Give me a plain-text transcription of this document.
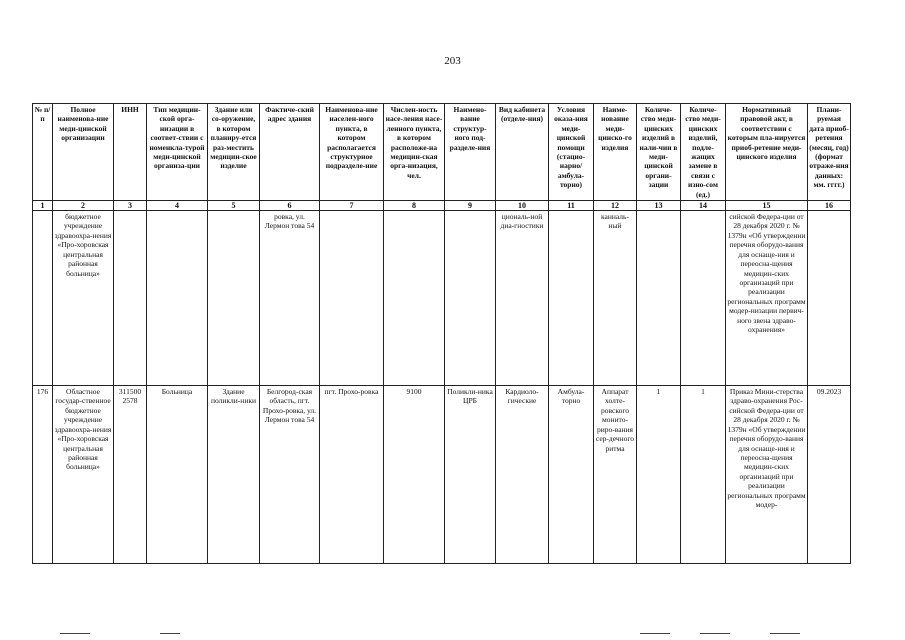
203
№ п/п	Полное наименова-ние меди-цинской организации	ИНН	Тип медицин-ской орга-низации в соответ-ствии с номенкла-турой меди-цинской организа-ции	Здание или со-оружение, в котором планиру-ется раз-местить медицин-ское изделие	Фактиче-ский адрес здания	Наименова-ние населен-ного пункта, в котором располагается структурное подразделе-ние	Числен-ность насе-ления насе-ленного пункта, в котором расположе-на медицин-ская орга-низация, чел.	Наимено-вание структур-ного под-разделе-ния	Вид кабинета (отделе-ния)	Условия оказа-ния меди-цинской помощи (стацио-нарно/ амбула-торно)	Наиме-нование меди-цинско-го изделия	Количе-ство меди-цинских изделий в нали-чии в меди-цинской органи-зации	Количе-ство меди-цинских изделий, подле-жащих замене в связи с изно-сом (ед.)	Нормативный правовой акт, в соответствии с которым пла-нируется приоб-ретение меди-цинского изделия	Плани-руемая дата приоб-ретения (месяц, год) (формат отраже-ния данных: мм. гггг.)
1	2	3	4	5	6	7	8	9	10	11	12	13	14	15	16
	бюджетное учреждение здравоохра-нения «Про-хоровская центральная районная больница»				ровка, ул. Лермон това 54				циональ-ной диа-гностики		канналь-ный			сийской Федера-ции от 28 декабря 2020 г. № 1379н «Об утверждении перечня оборудо-вания для оснаще-ния и переосна-щения медицин-ских организаций при реализации региональных программ модер-низации первич-ного звена здраво-охранения»	
176	Областное государ-ственное бюджетное учреждение здравоохра-нения «Про-хоровская центральная районная больница»	311500 2578	Больница	Здание поликли-ники	Белгород-ская область, пгт. Прохо-ровка, ул. Лермон това 54	пгт. Прохо-ровка	9100	Поликли-ника ЦРБ	Кардиоло-гические	Амбула-торно	Аппарат холте-ровского монито-риро-вания сер-дечного ритма	1	1	Приказ Мини-стерства здраво-охранения Рос-сийской Федера-ции от 28 декабря 2020 г. № 1379н «Об утверждении перечня оборудо-вания для оснаще-ния и переосна-щения медицин-ских организаций при реализации региональных программ модер-	09.2023
